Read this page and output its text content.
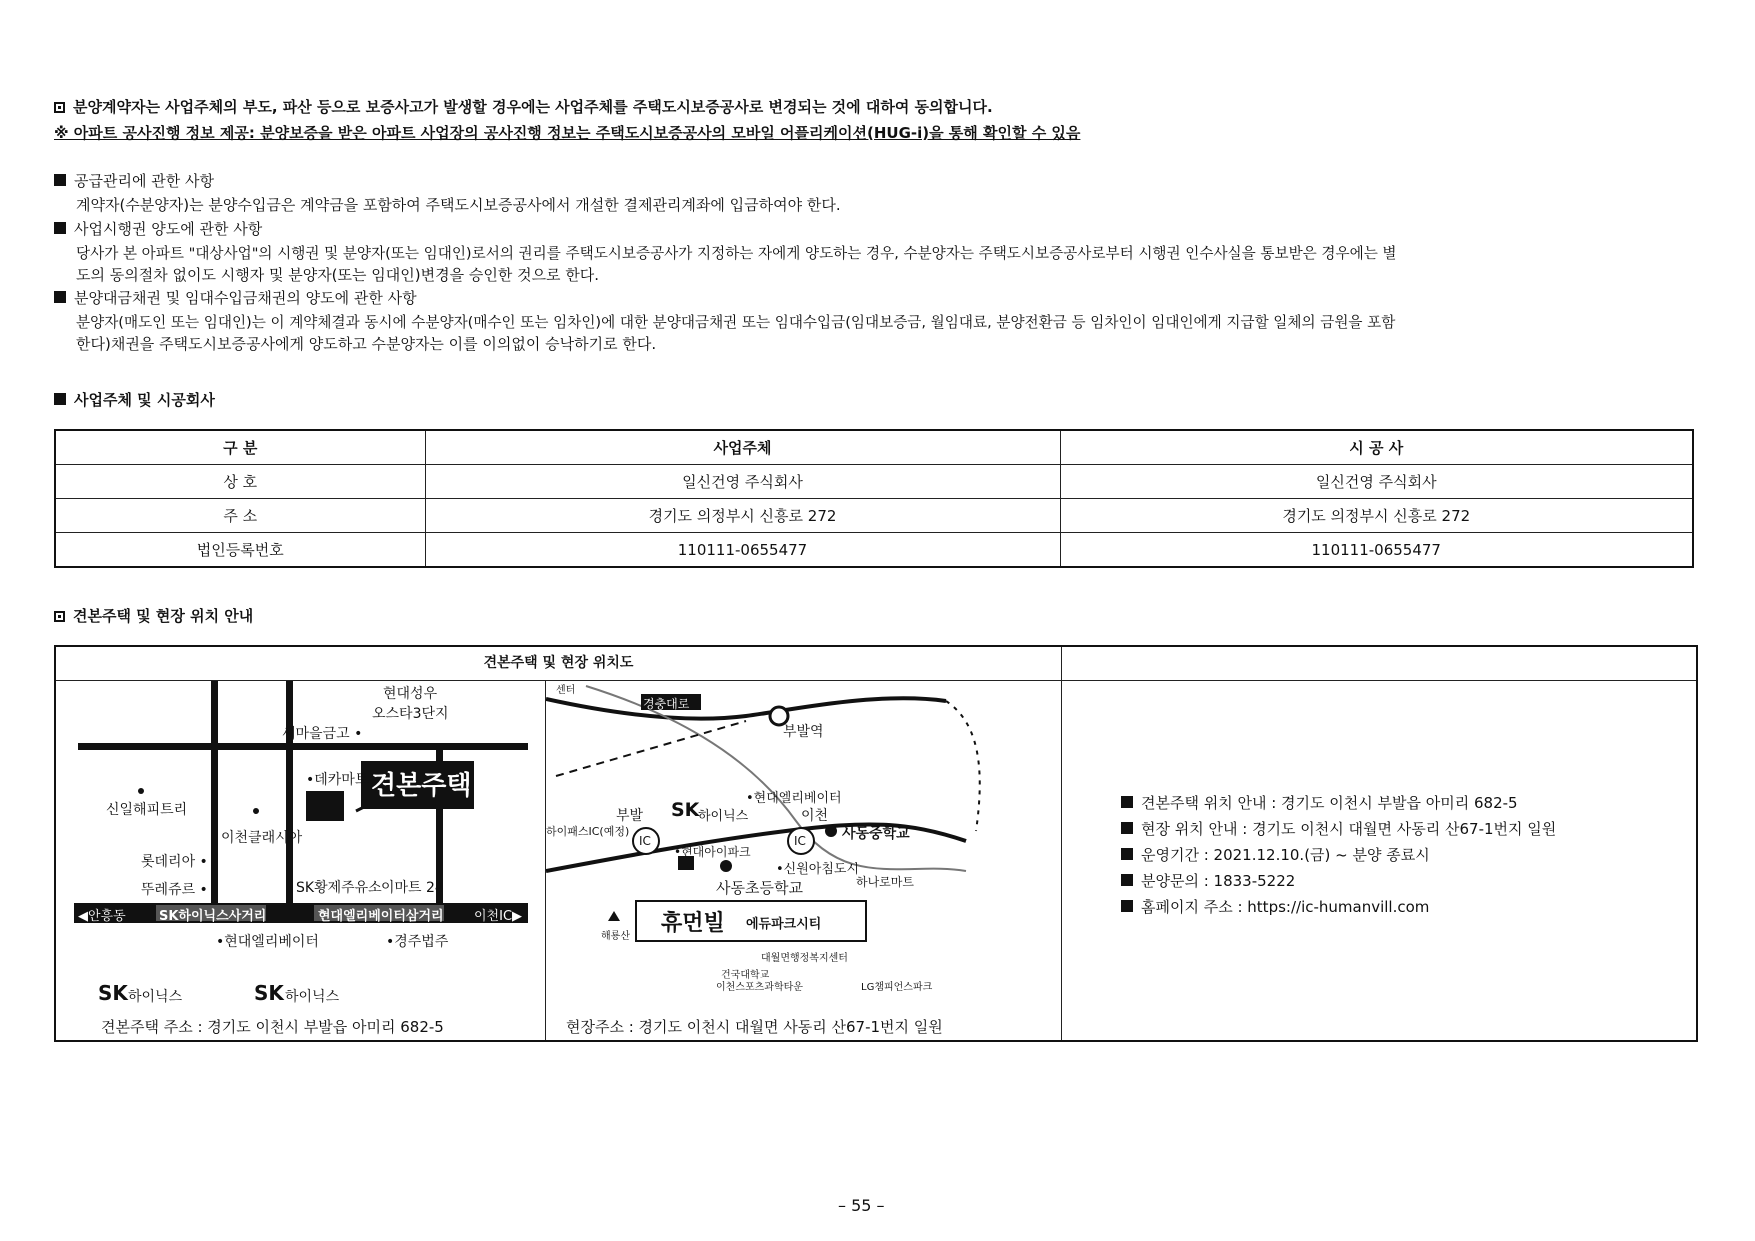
분양계약자는 사업주체의 부도, 파산 등으로 보증사고가 발생할 경우에는 사업주체를 주택도시보증공사로 변경되는 것에 대하여 동의합니다.
※ 아파트 공사진행 정보 제공: 분양보증을 받은 아파트 사업장의 공사진행 정보는 주택도시보증공사의 모바일 어플리케이션(HUG-i)을 통해 확인할 수 있음
공급관리에 관한 사항
계약자(수분양자)는 분양수입금은 계약금을 포함하여 주택도시보증공사에서 개설한 결제관리계좌에 입금하여야 한다.
사업시행권 양도에 관한 사항
당사가 본 아파트 "대상사업"의 시행권 및 분양자(또는 임대인)로서의 권리를 주택도시보증공사가 지정하는 자에게 양도하는 경우, 수분양자는 주택도시보증공사로부터 시행권 인수사실을 통보받은 경우에는 별
도의 동의절차 없이도 시행자 및 분양자(또는 임대인)변경을 승인한 것으로 한다.
분양대금채권 및 임대수입금채권의 양도에 관한 사항
분양자(매도인 또는 임대인)는 이 계약체결과 동시에 수분양자(매수인 또는 임차인)에 대한 분양대금채권 또는 임대수입금(임대보증금, 월임대료, 분양전환금 등 임차인이 임대인에게 지급할 일체의 금원을 포함
한다)채권을 주택도시보증공사에게 양도하고 수분양자는 이를 이의없이 승낙하기로 한다.
사업주체 및 시공회사
구 분	사업주체	시 공 사
상 호	일신건영 주식회사	일신건영 주식회사
주 소	경기도 의정부시 신흥로 272	경기도 의정부시 신흥로 272
법인등록번호	110111-0655477	110111-0655477
견본주택 및 현장 위치 안내
견본주택 및 현장 위치도
현대성우
오스타3단지
새마을금고 •
•데카마트 견본주택
신일해피트리
이천클래시아
롯데리아 •
뚜레쥬르 •	SK황제주유소 이마트 24
◀안흥동	SK하이닉스사거리	현대엘리베이터삼거리 이천IC▶
•현대엘리베이터	•경주법주
SK 하이닉스	SK 하이닉스
견본주택 주소 : 경기도 이천시 부발읍 아미리 682-5
센터
경충대로
부발역
•현대엘리베이터
부발
하이패스IC(예정)
SK
하이닉스	이천
사동중학교
IC	IC
•현대아이파크
•신원아침도시
사동초등학교	하나로마트
해룡산
휴먼빌 에듀파크시티
대월면행정복지센터
건국대학교
이천스포츠과학타운	LG챔피언스파크
현장주소 : 경기도 이천시 대월면 사동리 산67-1번지 일원
견본주택 위치 안내 : 경기도 이천시 부발읍 아미리 682-5
현장 위치 안내 : 경기도 이천시 대월면 사동리 산67-1번지 일원
운영기간 : 2021.12.10.(금) ~ 분양 종료시
분양문의 : 1833-5222
홈페이지 주소 : https://ic-humanvill.com
– 55 –
